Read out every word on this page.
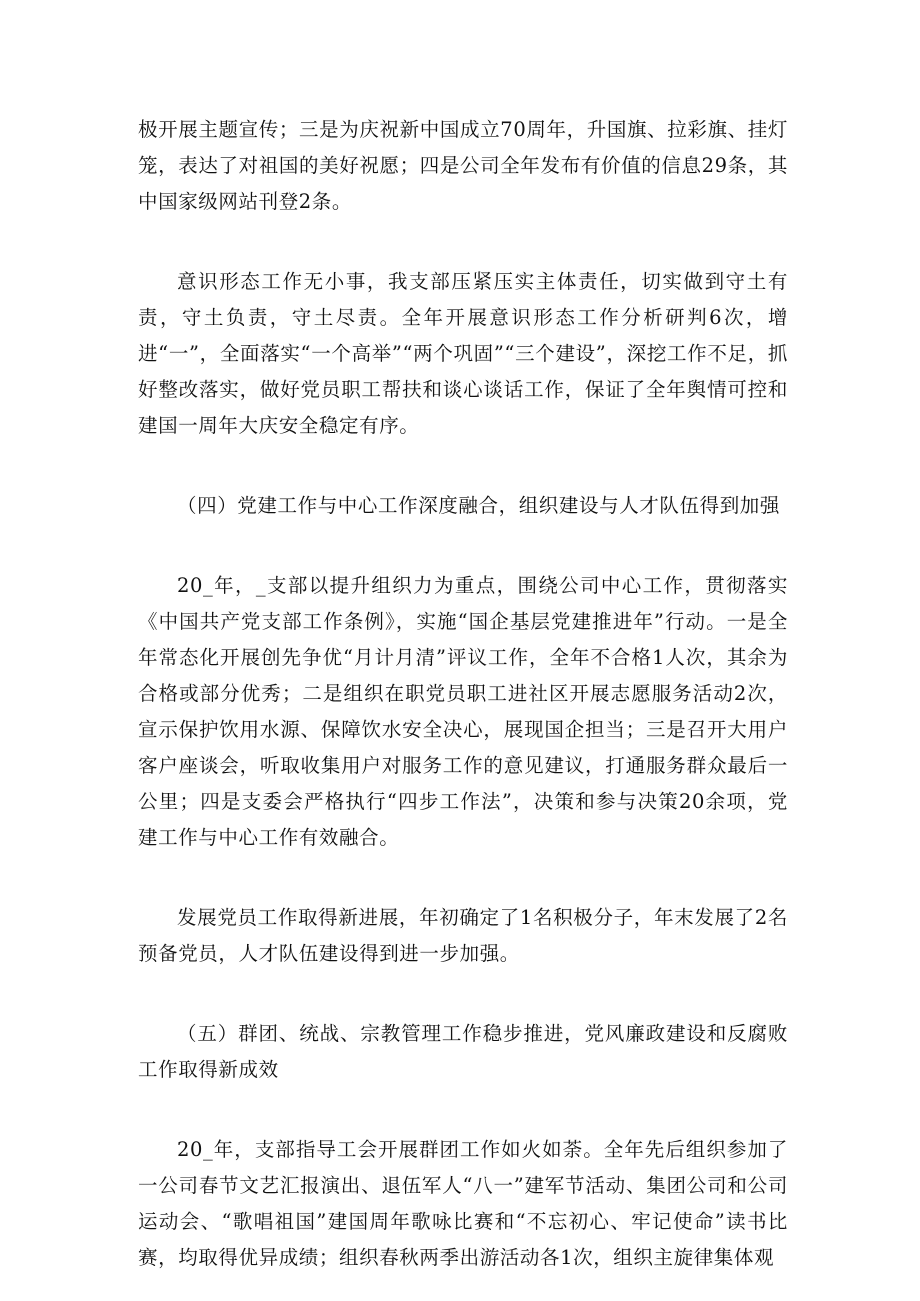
极开展主题宣传；三是为庆祝新中国成立70周年，升国旗、拉彩旗、挂灯笼，表达了对祖国的美好祝愿；四是公司全年发布有价值的信息29条，其中国家级网站刊登2条。

意识形态工作无小事，我支部压紧压实主体责任，切实做到守土有责，守土负责，守土尽责。全年开展意识形态工作分析研判6次，增进“一”，全面落实“一个高举”“两个巩固”“三个建设”，深挖工作不足，抓好整改落实，做好党员职工帮扶和谈心谈话工作，保证了全年舆情可控和建国一周年大庆安全稳定有序。

（四）党建工作与中心工作深度融合，组织建设与人才队伍得到加强

20_年，_支部以提升组织力为重点，围绕公司中心工作，贯彻落实《中国共产党支部工作条例》，实施“国企基层党建推进年”行动。一是全年常态化开展创先争优“月计月清”评议工作，全年不合格1人次，其余为合格或部分优秀；二是组织在职党员职工进社区开展志愿服务活动2次，宣示保护饮用水源、保障饮水安全决心，展现国企担当；三是召开大用户客户座谈会，听取收集用户对服务工作的意见建议，打通服务群众最后一公里；四是支委会严格执行“四步工作法”，决策和参与决策20余项，党建工作与中心工作有效融合。

发展党员工作取得新进展，年初确定了1名积极分子，年末发展了2名预备党员，人才队伍建设得到进一步加强。

（五）群团、统战、宗教管理工作稳步推进，党风廉政建设和反腐败工作取得新成效

20_年，支部指导工会开展群团工作如火如荼。全年先后组织参加了一公司春节文艺汇报演出、退伍军人“八一”建军节活动、集团公司和公司运动会、“歌唱祖国”建国周年歌咏比赛和“不忘初心、牢记使命”读书比赛，均取得优异成绩；组织春秋两季出游活动各1次，组织主旋律集体观
